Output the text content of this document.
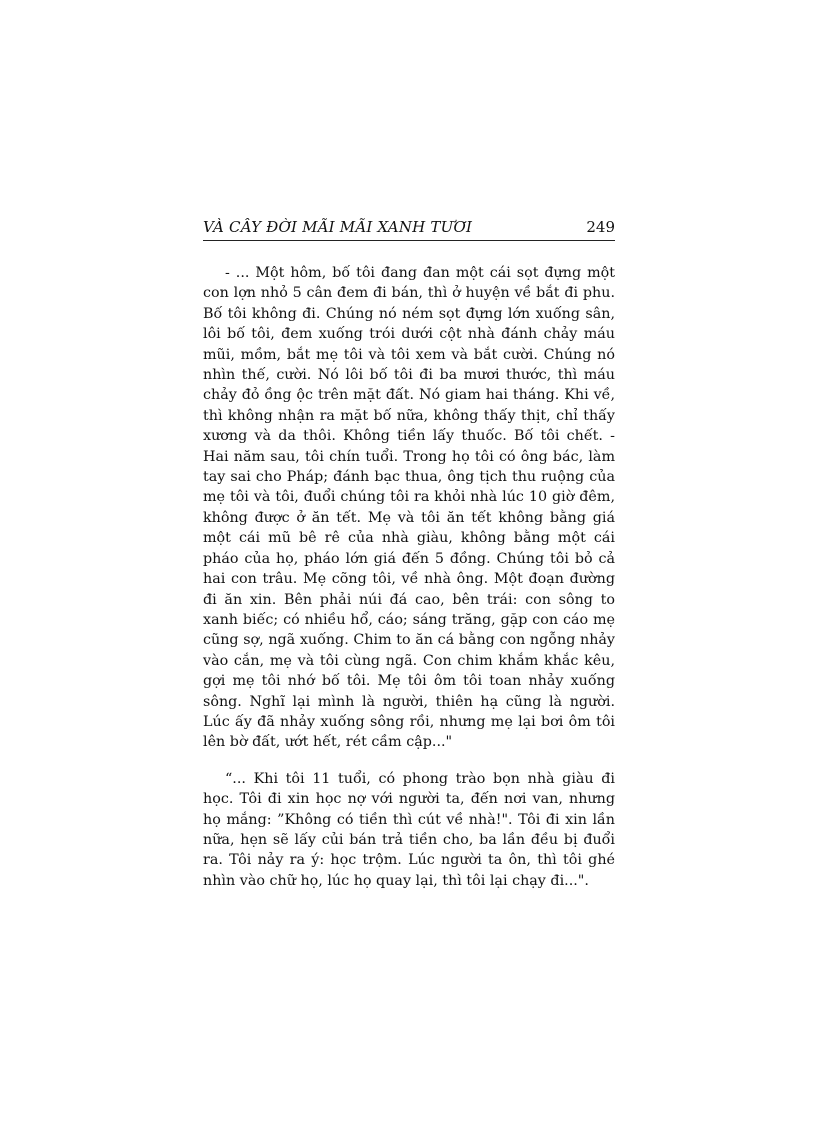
VÀ CÂY ĐỜI MÃI MÃI XANH TƯƠI	249

- ... Một hôm, bố tôi đang đan một cái sọt đựng một con lợn nhỏ 5 cân đem đi bán, thì ở huyện về bắt đi phu. Bố tôi không đi. Chúng nó ném sọt đựng lớn xuống sân, lôi bố tôi, đem xuống trói dưới cột nhà đánh chảy máu mũi, mồm, bắt mẹ tôi và tôi xem và bắt cười. Chúng nó nhìn thế, cười. Nó lôi bố tôi đi ba mươi thước, thì máu chảy đỏ ồng ộc trên mặt đất. Nó giam hai tháng. Khi về, thì không nhận ra mặt bố nữa, không thấy thịt, chỉ thấy xương và da thôi. Không tiền lấy thuốc. Bố tôi chết. - Hai năm sau, tôi chín tuổi. Trong họ tôi có ông bác, làm tay sai cho Pháp; đánh bạc thua, ông tịch thu ruộng của mẹ tôi và tôi, đuổi chúng tôi ra khỏi nhà lúc 10 giờ đêm, không được ở ăn tết. Mẹ và tôi ăn tết không bằng giá một cái mũ bê rê của nhà giàu, không bằng một cái pháo của họ, pháo lớn giá đến 5 đồng. Chúng tôi bỏ cả hai con trâu. Mẹ cõng tôi, về nhà ông. Một đoạn đường đi ăn xin. Bên phải núi đá cao, bên trái: con sông to xanh biếc; có nhiều hổ, cáo; sáng trăng, gặp con cáo mẹ cũng sợ, ngã xuống. Chim to ăn cá bằng con ngỗng nhảy vào cắn, mẹ và tôi cùng ngã. Con chim khắm khắc kêu, gợi mẹ tôi nhớ bố tôi. Mẹ tôi ôm tôi toan nhảy xuống sông. Nghĩ lại mình là người, thiên hạ cũng là người. Lúc ấy đã nhảy xuống sông rồi, nhưng mẹ lại bơi ôm tôi lên bờ đất, ướt hết, rét cầm cập..."

“... Khi tôi 11 tuổi, có phong trào bọn nhà giàu đi học. Tôi đi xin học nợ với người ta, đến nơi van, nhưng họ mắng: ”Không có tiền thì cút về nhà!". Tôi đi xin lần nữa, hẹn sẽ lấy củi bán trả tiền cho, ba lần đều bị đuổi ra. Tôi nảy ra ý: học trộm. Lúc người ta ôn, thì tôi ghé nhìn vào chữ họ, lúc họ quay lại, thì tôi lại chạy đi...".
